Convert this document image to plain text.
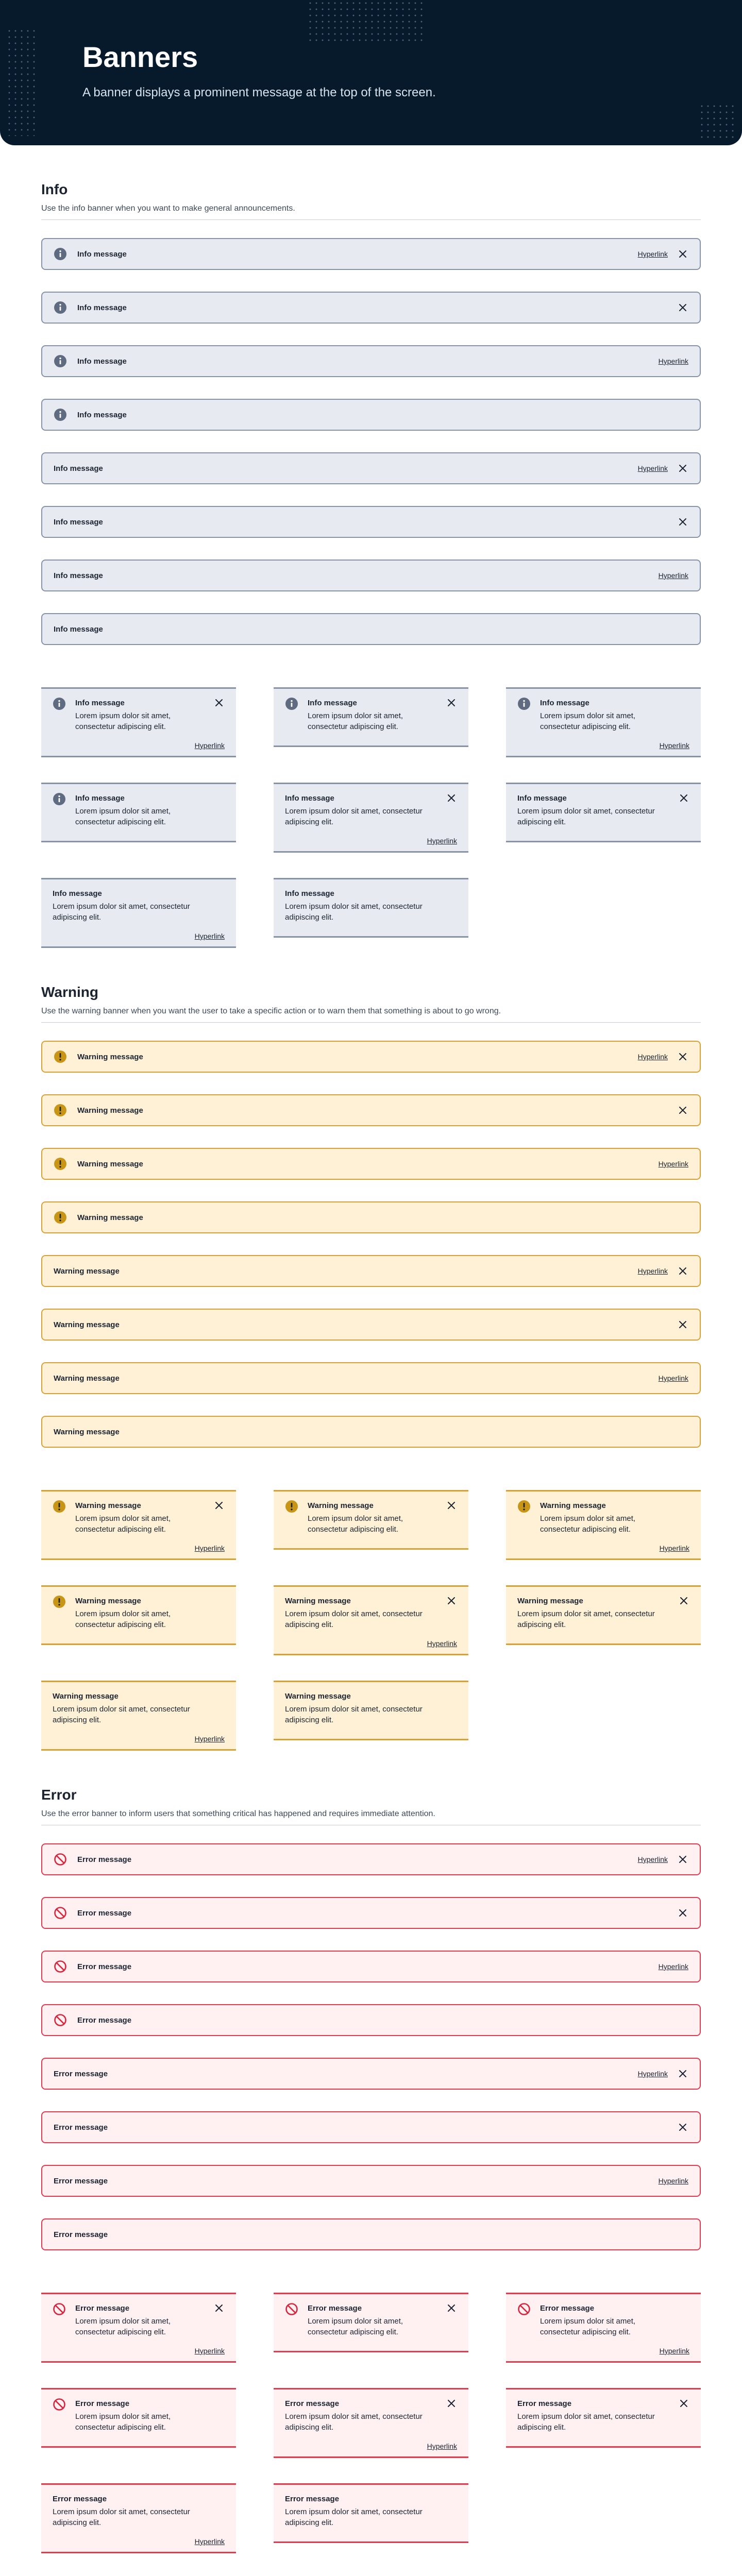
Banners
A banner displays a prominent message at the top of the screen.
Info
Use the info banner when you want to make general announcements.
Info message	Hyperlink
Info message
Info message	Hyperlink
Info message
Info message	Hyperlink
Info message
Info message	Hyperlink
Info message
Info message
Lorem ipsum dolor sit amet, consectetur adipiscing elit.
Hyperlink
Info message
Lorem ipsum dolor sit amet, consectetur adipiscing elit.
Info message
Lorem ipsum dolor sit amet, consectetur adipiscing elit.
Hyperlink
Info message
Lorem ipsum dolor sit amet, consectetur adipiscing elit.
Info message
Lorem ipsum dolor sit amet, consectetur adipiscing elit.
Hyperlink
Info message
Lorem ipsum dolor sit amet, consectetur adipiscing elit.
Info message
Lorem ipsum dolor sit amet, consectetur adipiscing elit.
Hyperlink
Info message
Lorem ipsum dolor sit amet, consectetur adipiscing elit.
Warning
Use the warning banner when you want the user to take a specific action or to warn them that something is about to go wrong.
Warning message	Hyperlink
Warning message
Warning message	Hyperlink
Warning message
Warning message	Hyperlink
Warning message
Warning message	Hyperlink
Warning message
Warning message
Lorem ipsum dolor sit amet, consectetur adipiscing elit.
Hyperlink
Warning message
Lorem ipsum dolor sit amet, consectetur adipiscing elit.
Warning message
Lorem ipsum dolor sit amet, consectetur adipiscing elit.
Hyperlink
Warning message
Lorem ipsum dolor sit amet, consectetur adipiscing elit.
Warning message
Lorem ipsum dolor sit amet, consectetur adipiscing elit.
Hyperlink
Warning message
Lorem ipsum dolor sit amet, consectetur adipiscing elit.
Warning message
Lorem ipsum dolor sit amet, consectetur adipiscing elit.
Hyperlink
Warning message
Lorem ipsum dolor sit amet, consectetur adipiscing elit.
Error
Use the error banner to inform users that something critical has happened and requires immediate attention.
Error message	Hyperlink
Error message
Error message	Hyperlink
Error message
Error message	Hyperlink
Error message
Error message	Hyperlink
Error message
Error message
Lorem ipsum dolor sit amet, consectetur adipiscing elit.
Hyperlink
Error message
Lorem ipsum dolor sit amet, consectetur adipiscing elit.
Error message
Lorem ipsum dolor sit amet, consectetur adipiscing elit.
Hyperlink
Error message
Lorem ipsum dolor sit amet, consectetur adipiscing elit.
Error message
Lorem ipsum dolor sit amet, consectetur adipiscing elit.
Hyperlink
Error message
Lorem ipsum dolor sit amet, consectetur adipiscing elit.
Error message
Lorem ipsum dolor sit amet, consectetur adipiscing elit.
Hyperlink
Error message
Lorem ipsum dolor sit amet, consectetur adipiscing elit.
